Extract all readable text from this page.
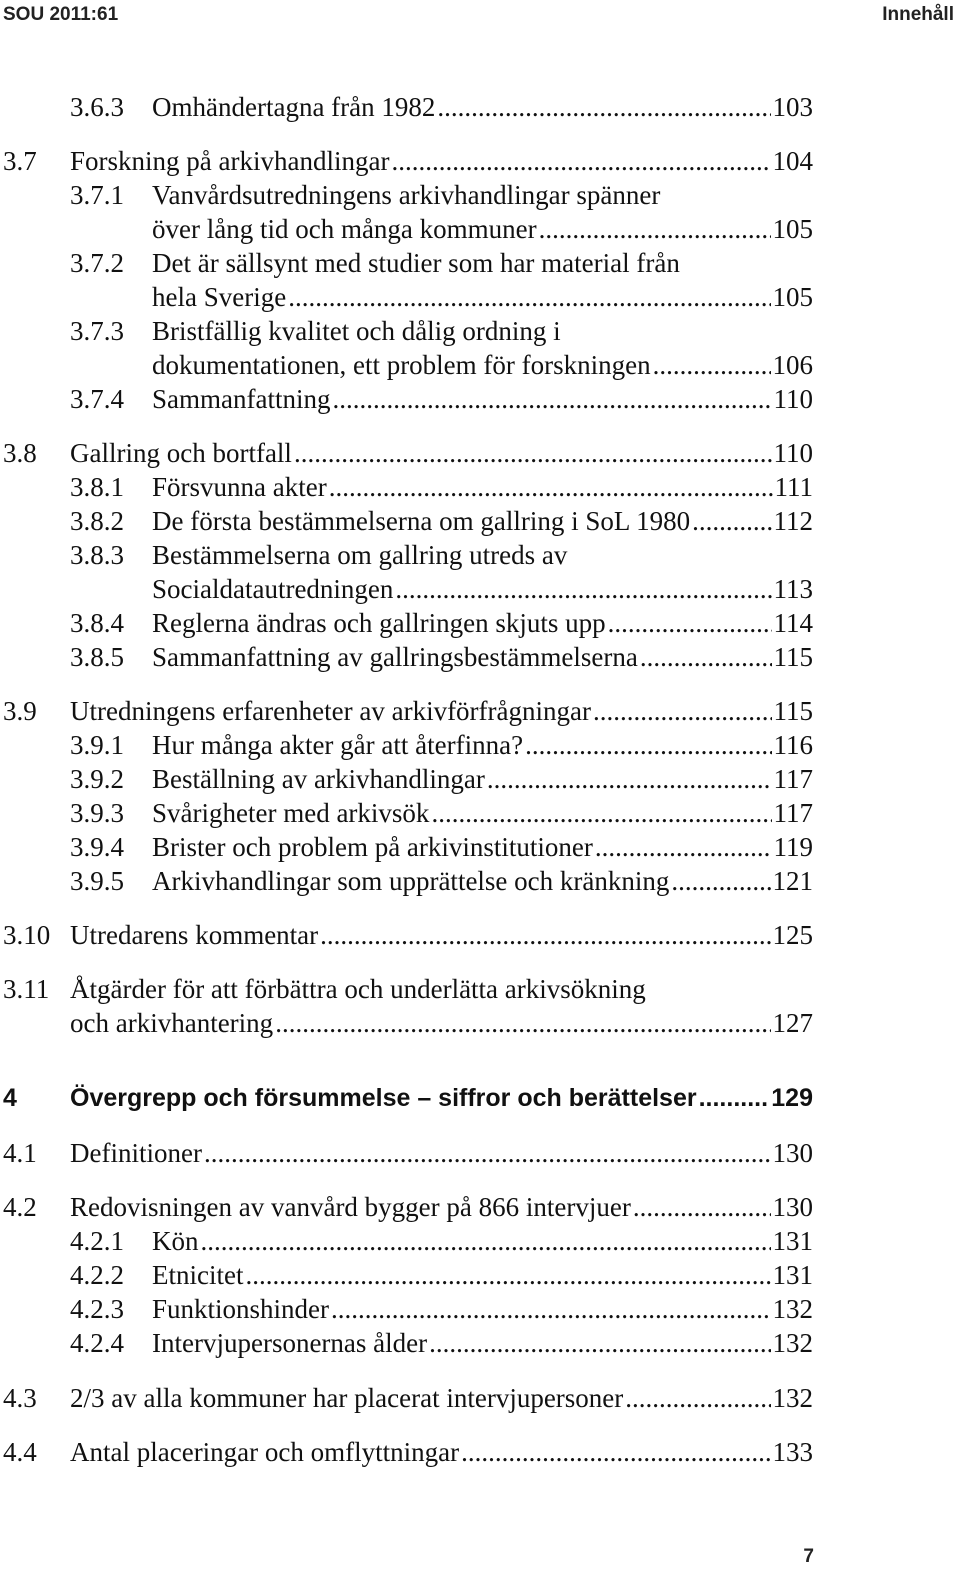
SOU 2011:61	Innehåll
3.6.3 Omhändertagna från 1982 .....	103
3.7 Forskning på arkivhandlingar .....	104
3.7.1 Vanvårdsutredningens arkivhandlingar spänner
över lång tid och många kommuner .....	105
3.7.2 Det är sällsynt med studier som har material från
hela Sverige .....	105
3.7.3 Bristfällig kvalitet och dålig ordning i
dokumentationen, ett problem för forskningen .....	106
3.7.4 Sammanfattning .....	110
3.8 Gallring och bortfall .....	110
3.8.1 Försvunna akter .....	111
3.8.2 De första bestämmelserna om gallring i SoL 1980 .....	112
3.8.3 Bestämmelserna om gallring utreds av
Socialdatautredningen .....	113
3.8.4 Reglerna ändras och gallringen skjuts upp .....	114
3.8.5 Sammanfattning av gallringsbestämmelserna .....	115
3.9 Utredningens erfarenheter av arkivförfrågningar .....	115
3.9.1 Hur många akter går att återfinna? .....	116
3.9.2 Beställning av arkivhandlingar .....	117
3.9.3 Svårigheter med arkivsök .....	117
3.9.4 Brister och problem på arkivinstitutioner .....	119
3.9.5 Arkivhandlingar som upprättelse och kränkning .....	121
3.10 Utredarens kommentar .....	125
3.11 Åtgärder för att förbättra och underlätta arkivsökning
och arkivhantering .....	127
4 Övergrepp och försummelse – siffror och berättelser .....	129
4.1 Definitioner .....	130
4.2 Redovisningen av vanvård bygger på 866 intervjuer .....	130
4.2.1 Kön .....	131
4.2.2 Etnicitet .....	131
4.2.3 Funktionshinder .....	132
4.2.4 Intervjupersonernas ålder .....	132
4.3 2/3 av alla kommuner har placerat intervjupersoner .....	132
4.4 Antal placeringar och omflyttningar .....	133
7
